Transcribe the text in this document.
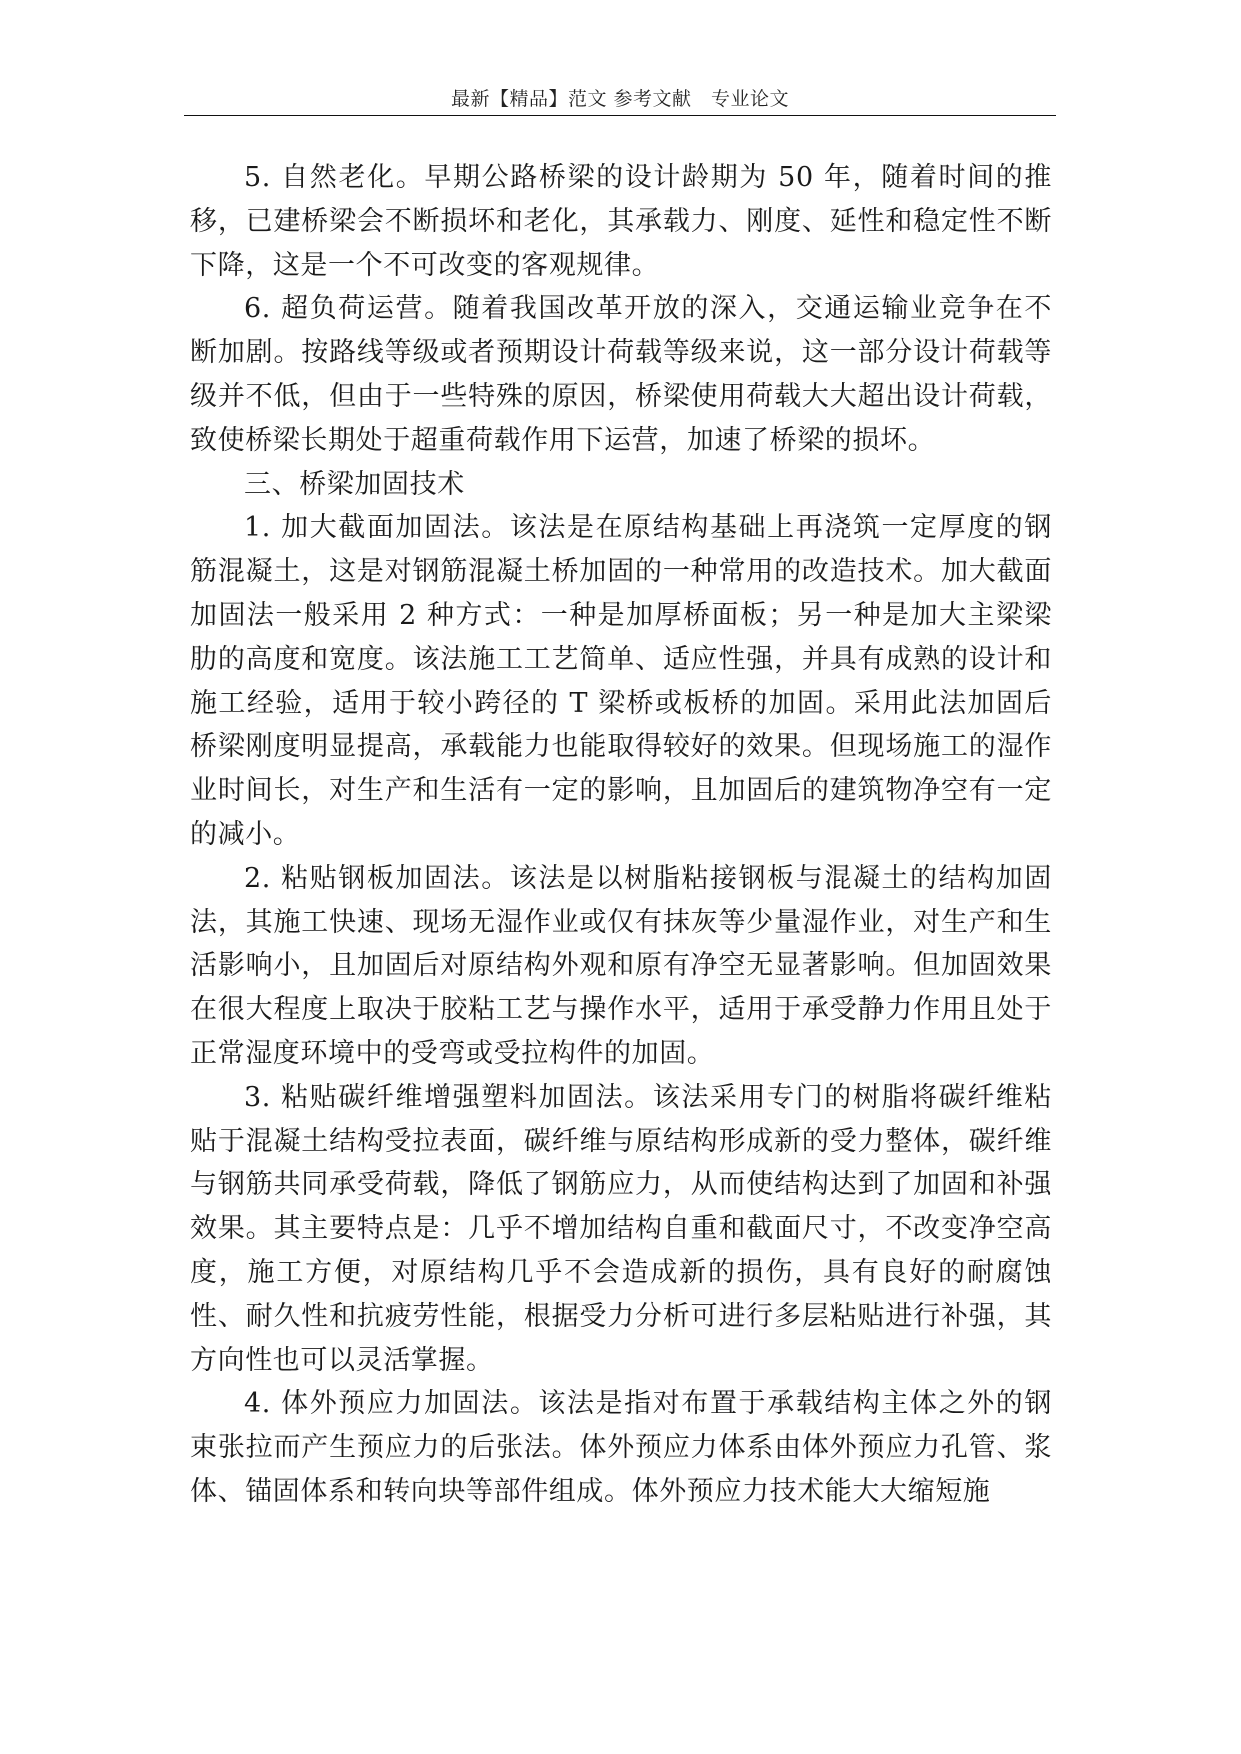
最新【精品】范文 参考文献　专业论文

5. 自然老化。早期公路桥梁的设计龄期为 50 年，随着时间的推移，已建桥梁会不断损坏和老化，其承载力、刚度、延性和稳定性不断下降，这是一个不可改变的客观规律。

6. 超负荷运营。随着我国改革开放的深入，交通运输业竞争在不断加剧。按路线等级或者预期设计荷载等级来说，这一部分设计荷载等级并不低，但由于一些特殊的原因，桥梁使用荷载大大超出设计荷载，致使桥梁长期处于超重荷载作用下运营，加速了桥梁的损坏。

三、桥梁加固技术

1. 加大截面加固法。该法是在原结构基础上再浇筑一定厚度的钢筋混凝土，这是对钢筋混凝土桥加固的一种常用的改造技术。加大截面加固法一般采用 2 种方式：一种是加厚桥面板；另一种是加大主梁梁肋的高度和宽度。该法施工工艺简单、适应性强，并具有成熟的设计和施工经验，适用于较小跨径的 T 梁桥或板桥的加固。采用此法加固后桥梁刚度明显提高，承载能力也能取得较好的效果。但现场施工的湿作业时间长，对生产和生活有一定的影响，且加固后的建筑物净空有一定的减小。

2. 粘贴钢板加固法。该法是以树脂粘接钢板与混凝土的结构加固法，其施工快速、现场无湿作业或仅有抹灰等少量湿作业，对生产和生活影响小，且加固后对原结构外观和原有净空无显著影响。但加固效果在很大程度上取决于胶粘工艺与操作水平，适用于承受静力作用且处于正常湿度环境中的受弯或受拉构件的加固。

3. 粘贴碳纤维增强塑料加固法。该法采用专门的树脂将碳纤维粘贴于混凝土结构受拉表面，碳纤维与原结构形成新的受力整体，碳纤维与钢筋共同承受荷载，降低了钢筋应力，从而使结构达到了加固和补强效果。其主要特点是：几乎不增加结构自重和截面尺寸，不改变净空高度，施工方便，对原结构几乎不会造成新的损伤，具有良好的耐腐蚀性、耐久性和抗疲劳性能，根据受力分析可进行多层粘贴进行补强，其方向性也可以灵活掌握。

4. 体外预应力加固法。该法是指对布置于承载结构主体之外的钢束张拉而产生预应力的后张法。体外预应力体系由体外预应力孔管、浆体、锚固体系和转向块等部件组成。体外预应力技术能大大缩短施
